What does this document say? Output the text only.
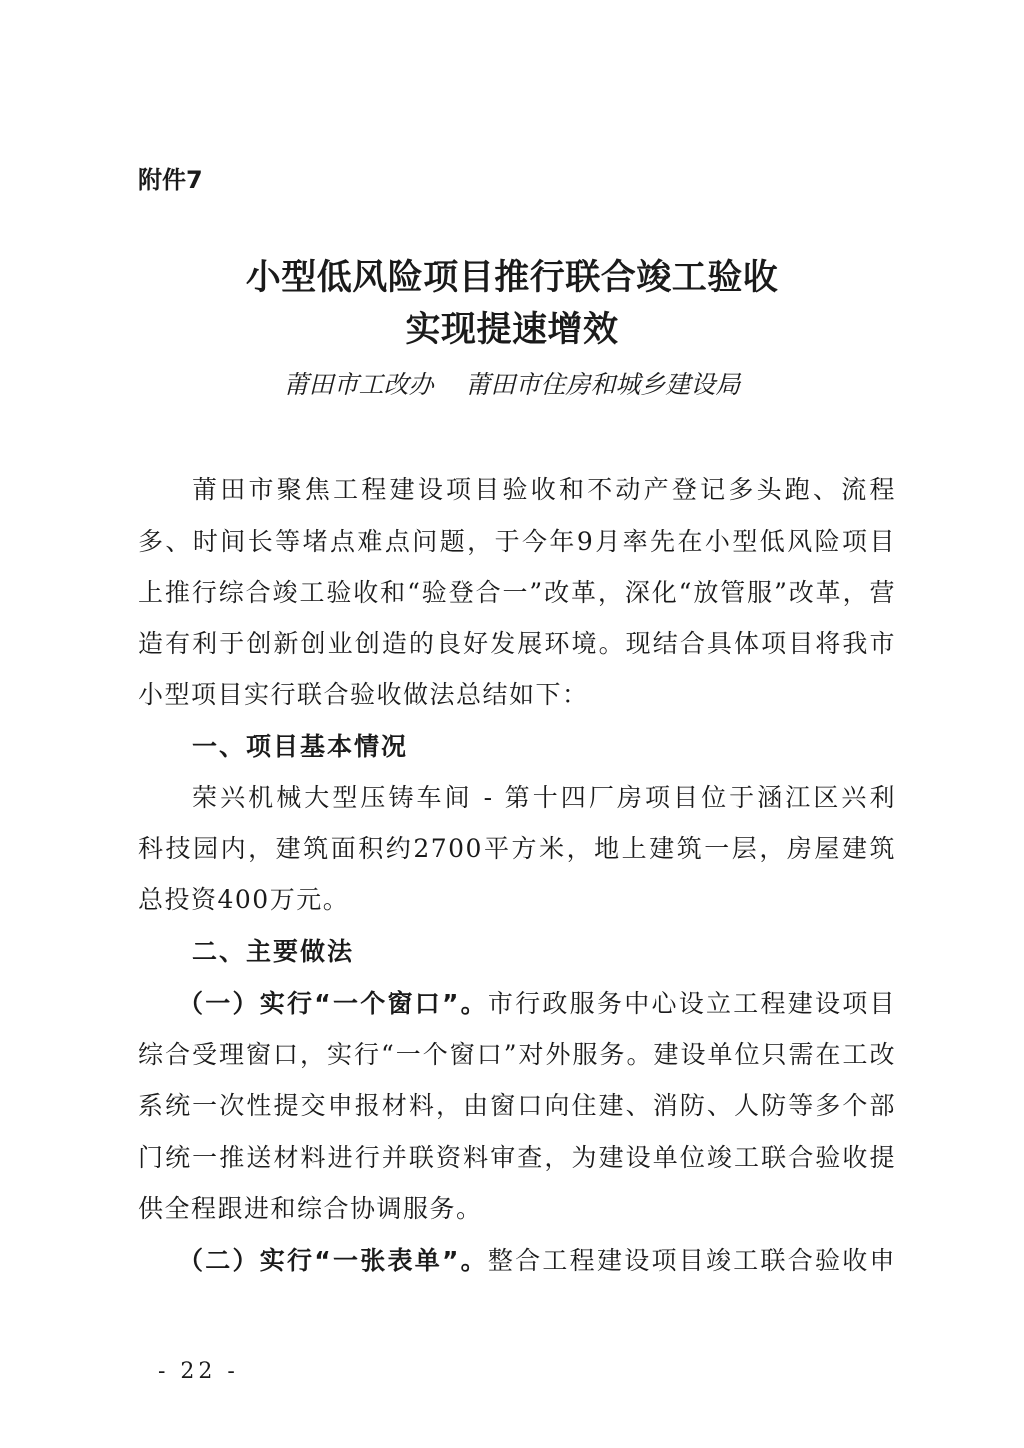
附件7
小型低风险项目推行联合竣工验收
实现提速增效
莆田市工改办    莆田市住房和城乡建设局
莆田市聚焦工程建设项目验收和不动产登记多头跑、流程
多、时间长等堵点难点问题，于今年9月率先在小型低风险项目
上推行综合竣工验收和“验登合一”改革，深化“放管服”改革，营
造有利于创新创业创造的良好发展环境。现结合具体项目将我市
小型项目实行联合验收做法总结如下：
一、项目基本情况
荣兴机械大型压铸车间 - 第十四厂房项目位于涵江区兴利
科技园内，建筑面积约2700平方米，地上建筑一层，房屋建筑
总投资400万元。
二、主要做法
（一）实行“一个窗口”。市行政服务中心设立工程建设项目
综合受理窗口，实行“一个窗口”对外服务。建设单位只需在工改
系统一次性提交申报材料，由窗口向住建、消防、人防等多个部
门统一推送材料进行并联资料审查，为建设单位竣工联合验收提
供全程跟进和综合协调服务。
（二）实行“一张表单”。整合工程建设项目竣工联合验收申
- 22 -
